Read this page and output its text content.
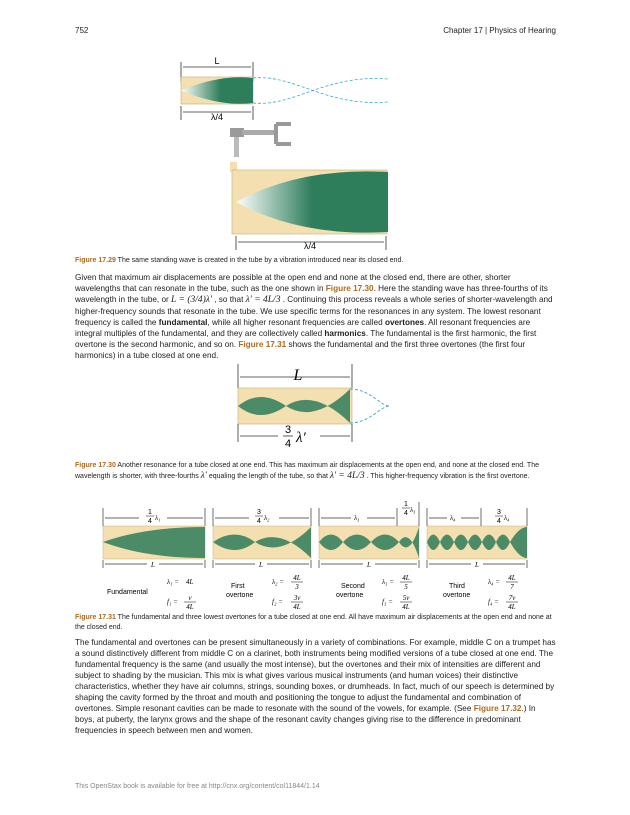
752	Chapter 17 | Physics of Hearing
L
λ/4
λ/4
Figure 17.29 The same standing wave is created in the tube by a vibration introduced near its closed end.
Given that maximum air displacements are possible at the open end and none at the closed end, there are other, shorter wavelengths that can resonate in the tube, such as the one shown in Figure 17.30. Here the standing wave has three-fourths of its wavelength in the tube, or L = (3/4)λ′ , so that λ′ = 4L/3 . Continuing this process reveals a whole series of shorter-wavelength and higher-frequency sounds that resonate in the tube. We use specific terms for the resonances in any system. The lowest resonant frequency is called the fundamental, while all higher resonant frequencies are called overtones. All resonant frequencies are integral multiples of the fundamental, and they are collectively called harmonics. The fundamental is the first harmonic, the first overtone is the second harmonic, and so on. Figure 17.31 shows the fundamental and the first three overtones (the first four harmonics) in a tube closed at one end.
L
3
4 λ′
Figure 17.30 Another resonance for a tube closed at one end. This has maximum air displacements at the open end, and none at the closed end. The wavelength is shorter, with three-fourths λ′ equaling the length of the tube, so that λ′ = 4L/3 . This higher-frequency vibration is the first overtone.
1
4 λ₁
L
Fundamental
λ₁ = 4L
f₁ = v
4L
3
4 λ₂
L
First
overtone
λ₂ = 4L
3
f₂ = 3v
4L
λ₃
1
4 λ₃
L
Second
overtone
λ₃ = 4L
5
f₃ = 5v
4L
λ₄
3
4 λ₄
L
Third
overtone
λ₄ = 4L
7
f₄ = 7v
4L
Figure 17.31 The fundamental and three lowest overtones for a tube closed at one end. All have maximum air displacements at the open end and none at the closed end.
The fundamental and overtones can be present simultaneously in a variety of combinations. For example, middle C on a trumpet has a sound distinctively different from middle C on a clarinet, both instruments being modified versions of a tube closed at one end. The fundamental frequency is the same (and usually the most intense), but the overtones and their mix of intensities are different and subject to shading by the musician. This mix is what gives various musical instruments (and human voices) their distinctive characteristics, whether they have air columns, strings, sounding boxes, or drumheads. In fact, much of our speech is determined by shaping the cavity formed by the throat and mouth and positioning the tongue to adjust the fundamental and combination of overtones. Simple resonant cavities can be made to resonate with the sound of the vowels, for example. (See Figure 17.32.) In boys, at puberty, the larynx grows and the shape of the resonant cavity changes giving rise to the difference in predominant frequencies in speech between men and women.
This OpenStax book is available for free at http://cnx.org/content/col11844/1.14
